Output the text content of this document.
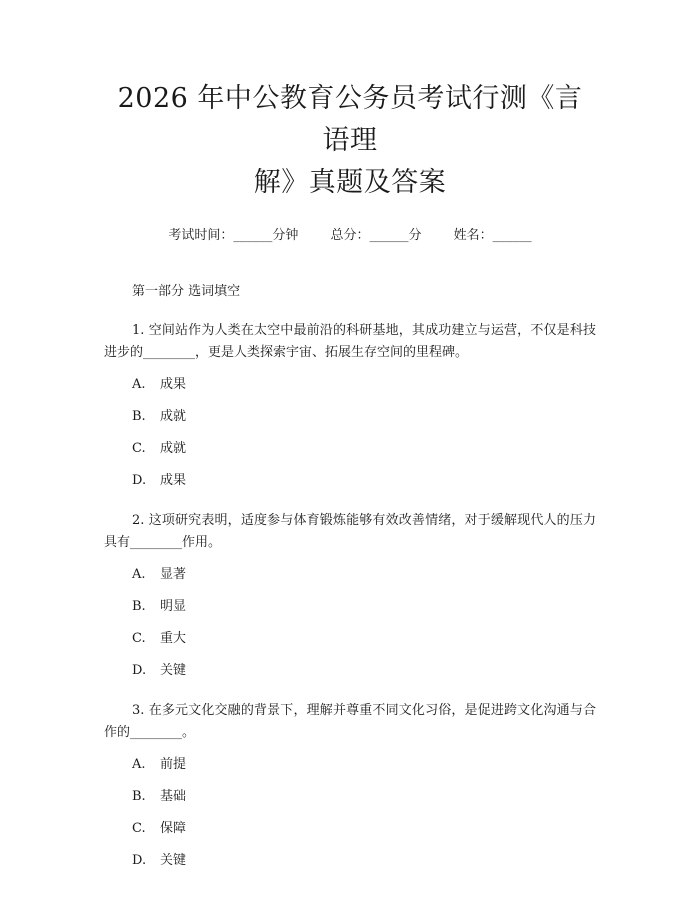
2026 年中公教育公务员考试行测《言语理
解》真题及答案
考试时间：______分钟 总分：______分 姓名：______
第一部分 选词填空
1. 空间站作为人类在太空中最前沿的科研基地，其成功建立与运营，不仅是科技进步的________，更是人类探索宇宙、拓展生存空间的里程碑。
A. 成果
B. 成就
C. 成就
D. 成果
2. 这项研究表明，适度参与体育锻炼能够有效改善情绪，对于缓解现代人的压力具有________作用。
A. 显著
B. 明显
C. 重大
D. 关键
3. 在多元文化交融的背景下，理解并尊重不同文化习俗，是促进跨文化沟通与合作的________。
A. 前提
B. 基础
C. 保障
D. 关键
